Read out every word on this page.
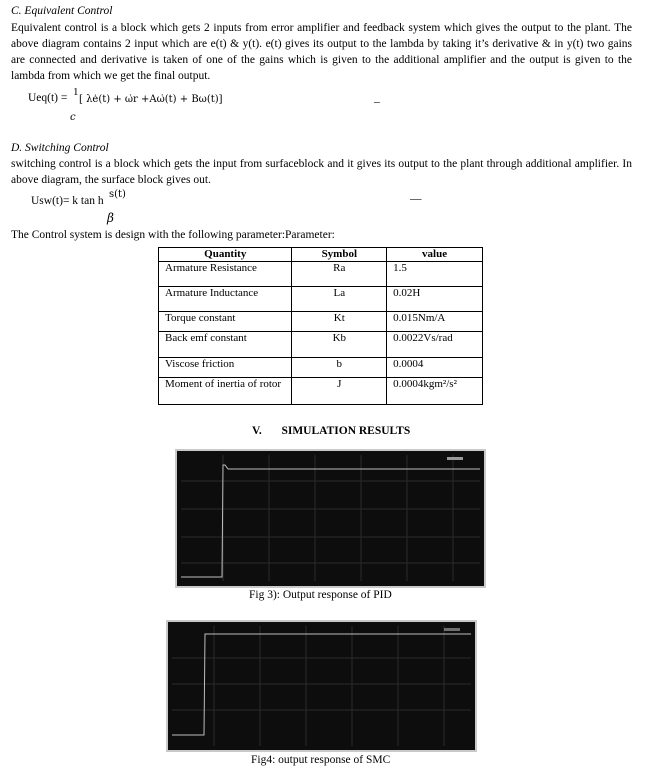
C. Equivalent Control
Equivalent control is a block which gets 2 inputs from error amplifier and feedback system which gives the output to the plant. The above diagram contains 2 input which are e(t) & y(t). e(t) gives its output to the lambda by taking it’s derivative & in y(t) two gains are connected and derivative is taken of one of the gains which is given to the additional amplifier and the output is given to the lambda from which we get the final output.
Ueq(t) = 1
[ λė(t) + ω̇r +Aω̇(t) + Bω(t)]
c
–
D. Switching Control
switching control is a block which gets the input from surfaceblock and it gives its output to the plant through additional amplifier. In above diagram, the surface block gives out.
Usw(t)= k tan h
s(t)
β
—
The Control system is design with the following parameter:Parameter:
Quantity	Symbol	value
Armature Resistance	Ra	1.5
Armature Inductance	La	0.02H
Torque constant	Kt	0.015Nm/A
Back emf constant	Kb	0.0022Vs/rad
Viscose friction	b	0.0004
Moment of inertia of rotor	J	0.0004kgm²/s²
V. SIMULATION RESULTS
Fig 3): Output response of PID
Fig4: output response of SMC
